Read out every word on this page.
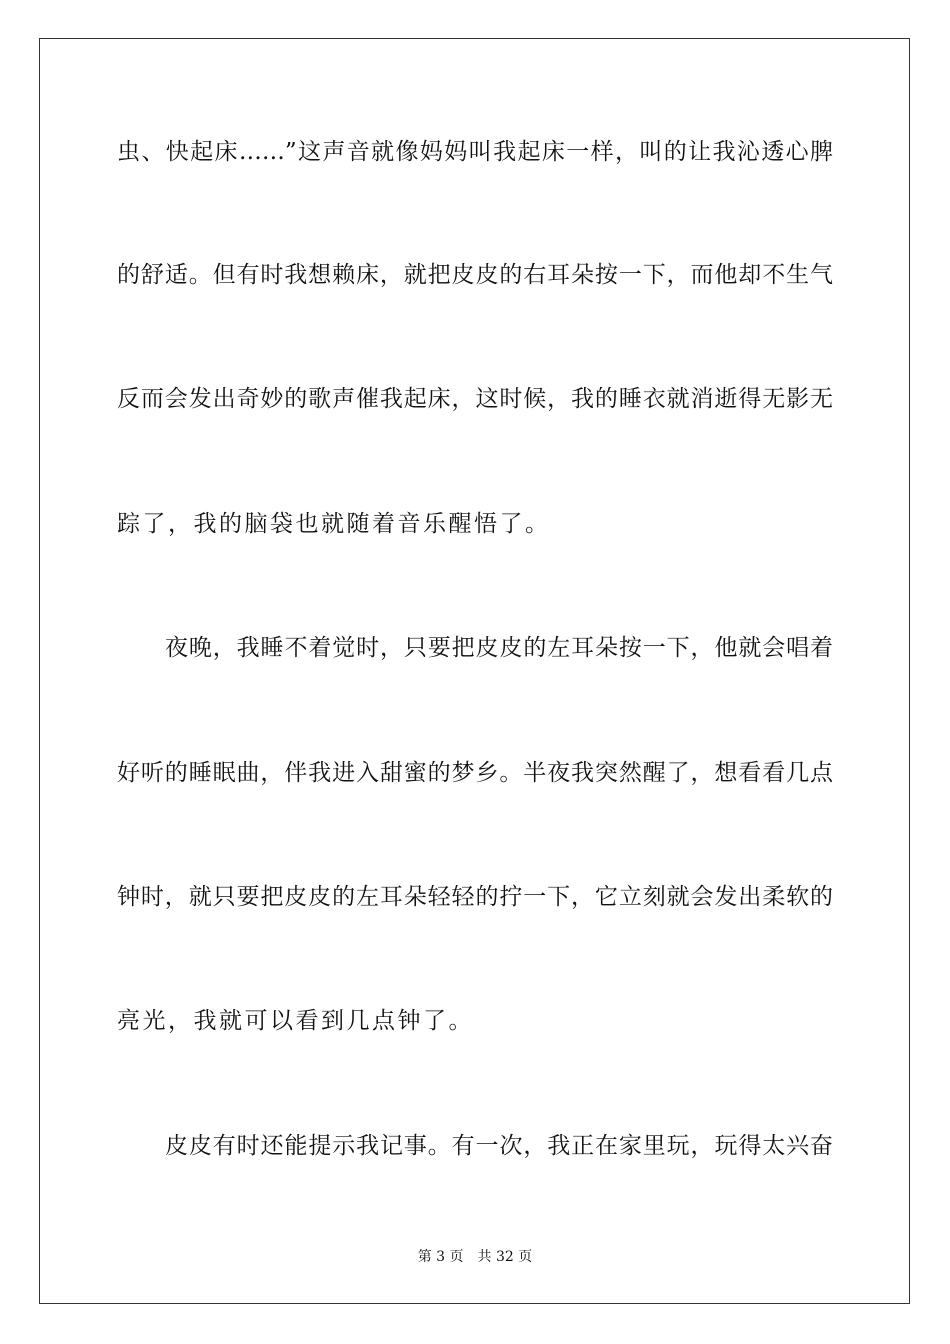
虫、快起床……”这声音就像妈妈叫我起床一样，叫的让我沁透心脾
的舒适。但有时我想赖床，就把皮皮的右耳朵按一下，而他却不生气
反而会发出奇妙的歌声催我起床，这时候，我的睡衣就消逝得无影无
踪了，我的脑袋也就随着音乐醒悟了。
夜晚，我睡不着觉时，只要把皮皮的左耳朵按一下，他就会唱着
好听的睡眠曲，伴我进入甜蜜的梦乡。半夜我突然醒了，想看看几点
钟时，就只要把皮皮的左耳朵轻轻的拧一下，它立刻就会发出柔软的
亮光，我就可以看到几点钟了。
皮皮有时还能提示我记事。有一次，我正在家里玩，玩得太兴奋
第 3 页 共 32 页
